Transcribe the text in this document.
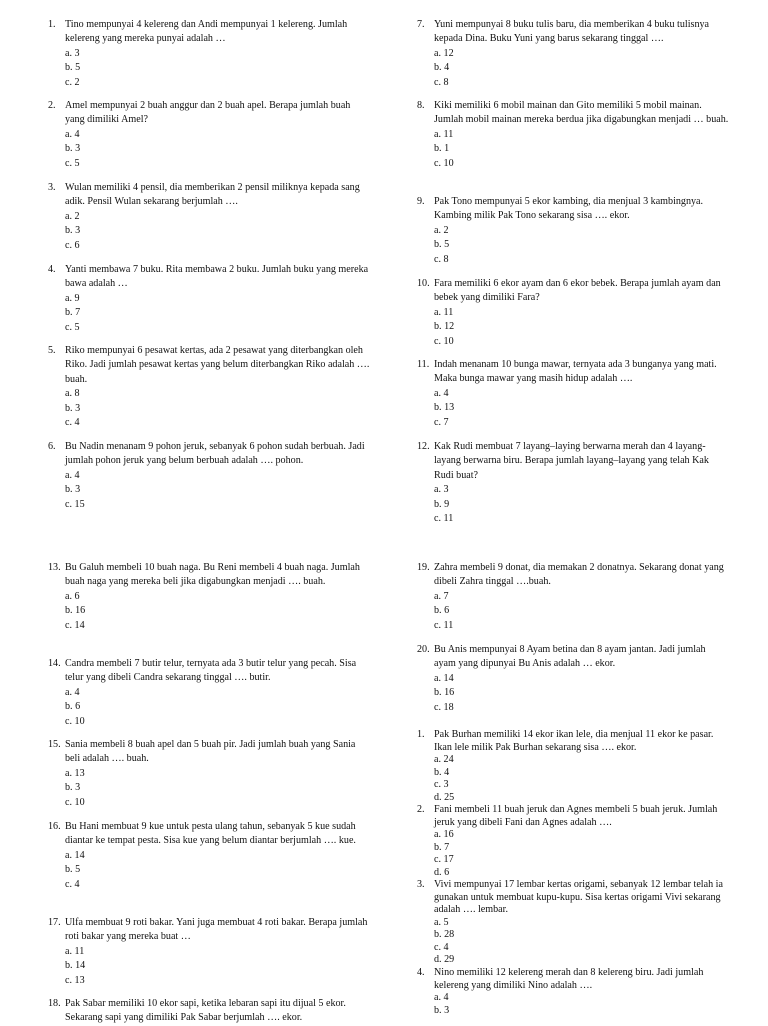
1. Tino mempunyai 4 kelereng dan Andi mempunyai 1 kelereng. Jumlah kelereng yang mereka punyai adalah …
a. 3
b. 5
c. 2
2. Amel mempunyai 2 buah anggur dan 2 buah apel. Berapa jumlah buah yang dimiliki Amel?
a. 4
b. 3
c. 5
3. Wulan memiliki 4 pensil, dia memberikan 2 pensil miliknya kepada sang adik. Pensil Wulan sekarang berjumlah ….
a. 2
b. 3
c. 6
4. Yanti membawa 7 buku. Rita membawa 2 buku. Jumlah buku yang mereka bawa adalah …
a. 9
b. 7
c. 5
5. Riko mempunyai 6 pesawat kertas, ada 2 pesawat yang diterbangkan oleh Riko. Jadi jumlah pesawat kertas yang belum diterbangkan Riko adalah …. buah.
a. 8
b. 3
c. 4
6. Bu Nadin menanam 9 pohon jeruk, sebanyak 6 pohon sudah berbuah. Jadi jumlah pohon jeruk yang belum berbuah adalah …. pohon.
a. 4
b. 3
c. 15
7. Yuni mempunyai 8 buku tulis baru, dia memberikan 4 buku tulisnya kepada Dina. Buku Yuni yang barus sekarang tinggal ….
a. 12
b. 4
c. 8
8. Kiki memiliki 6 mobil mainan dan Gito memiliki 5 mobil mainan. Jumlah mobil mainan mereka berdua jika digabungkan menjadi … buah.
a. 11
b. 1
c. 10
9. Pak Tono mempunyai 5 ekor kambing, dia menjual 3 kambingnya. Kambing milik Pak Tono sekarang sisa …. ekor.
a. 2
b. 5
c. 8
10. Fara memiliki 6 ekor ayam dan 6 ekor bebek. Berapa jumlah ayam dan bebek yang dimiliki Fara?
a. 11
b. 12
c. 10
11. Indah menanam 10 bunga mawar, ternyata ada 3 bunganya yang mati. Maka bunga mawar yang masih hidup adalah ….
a. 4
b. 13
c. 7
12. Kak Rudi membuat 7 layang–laying berwarna merah dan 4 layang-layang berwarna biru. Berapa jumlah layang–layang yang telah Kak Rudi buat?
a. 3
b. 9
c. 11
13. Bu Galuh membeli 10 buah naga. Bu Reni membeli 4 buah naga. Jumlah buah naga yang mereka beli jika digabungkan menjadi …. buah.
a. 6
b. 16
c. 14
14. Candra membeli 7 butir telur, ternyata ada 3 butir telur yang pecah. Sisa telur yang dibeli Candra sekarang tinggal …. butir.
a. 4
b. 6
c. 10
15. Sania membeli 8 buah apel dan 5 buah pir. Jadi jumlah buah yang Sania beli adalah …. buah.
a. 13
b. 3
c. 10
16. Bu Hani membuat 9 kue untuk pesta ulang tahun, sebanyak 5 kue sudah diantar ke tempat pesta. Sisa kue yang belum diantar berjumlah …. kue.
a. 14
b. 5
c. 4
17. Ulfa membuat 9 roti bakar. Yani juga membuat 4 roti bakar. Berapa jumlah roti bakar yang mereka buat …
a. 11
b. 14
c. 13
18. Pak Sabar memiliki 10 ekor sapi, ketika lebaran sapi itu dijual 5 ekor. Sekarang sapi yang dimiliki Pak Sabar berjumlah …. ekor.
19. Zahra membeli 9 donat, dia memakan 2 donatnya. Sekarang donat yang dibeli Zahra tinggal ….buah.
a. 7
b. 6
c. 11
20. Bu Anis mempunyai 8 Ayam betina dan 8 ayam jantan. Jadi jumlah ayam yang dipunyai Bu Anis adalah … ekor.
a. 14
b. 16
c. 18
1. Pak Burhan memiliki 14 ekor ikan lele, dia menjual 11 ekor ke pasar. Ikan lele milik Pak Burhan sekarang sisa …. ekor.
a. 24
b. 4
c. 3
d. 25
2. Fani membeli 11 buah jeruk dan Agnes membeli 5 buah jeruk. Jumlah jeruk yang dibeli Fani dan Agnes adalah ….
a. 16
b. 7
c. 17
d. 6
3. Vivi mempunyai 17 lembar kertas origami, sebanyak 12 lembar telah ia gunakan untuk membuat kupu-kupu. Sisa kertas origami Vivi sekarang adalah …. lembar.
a. 5
b. 28
c. 4
d. 29
4. Nino memiliki 12 kelereng merah dan 8 kelereng biru. Jadi jumlah kelereng yang dimiliki Nino adalah ….
a. 4
b. 3
